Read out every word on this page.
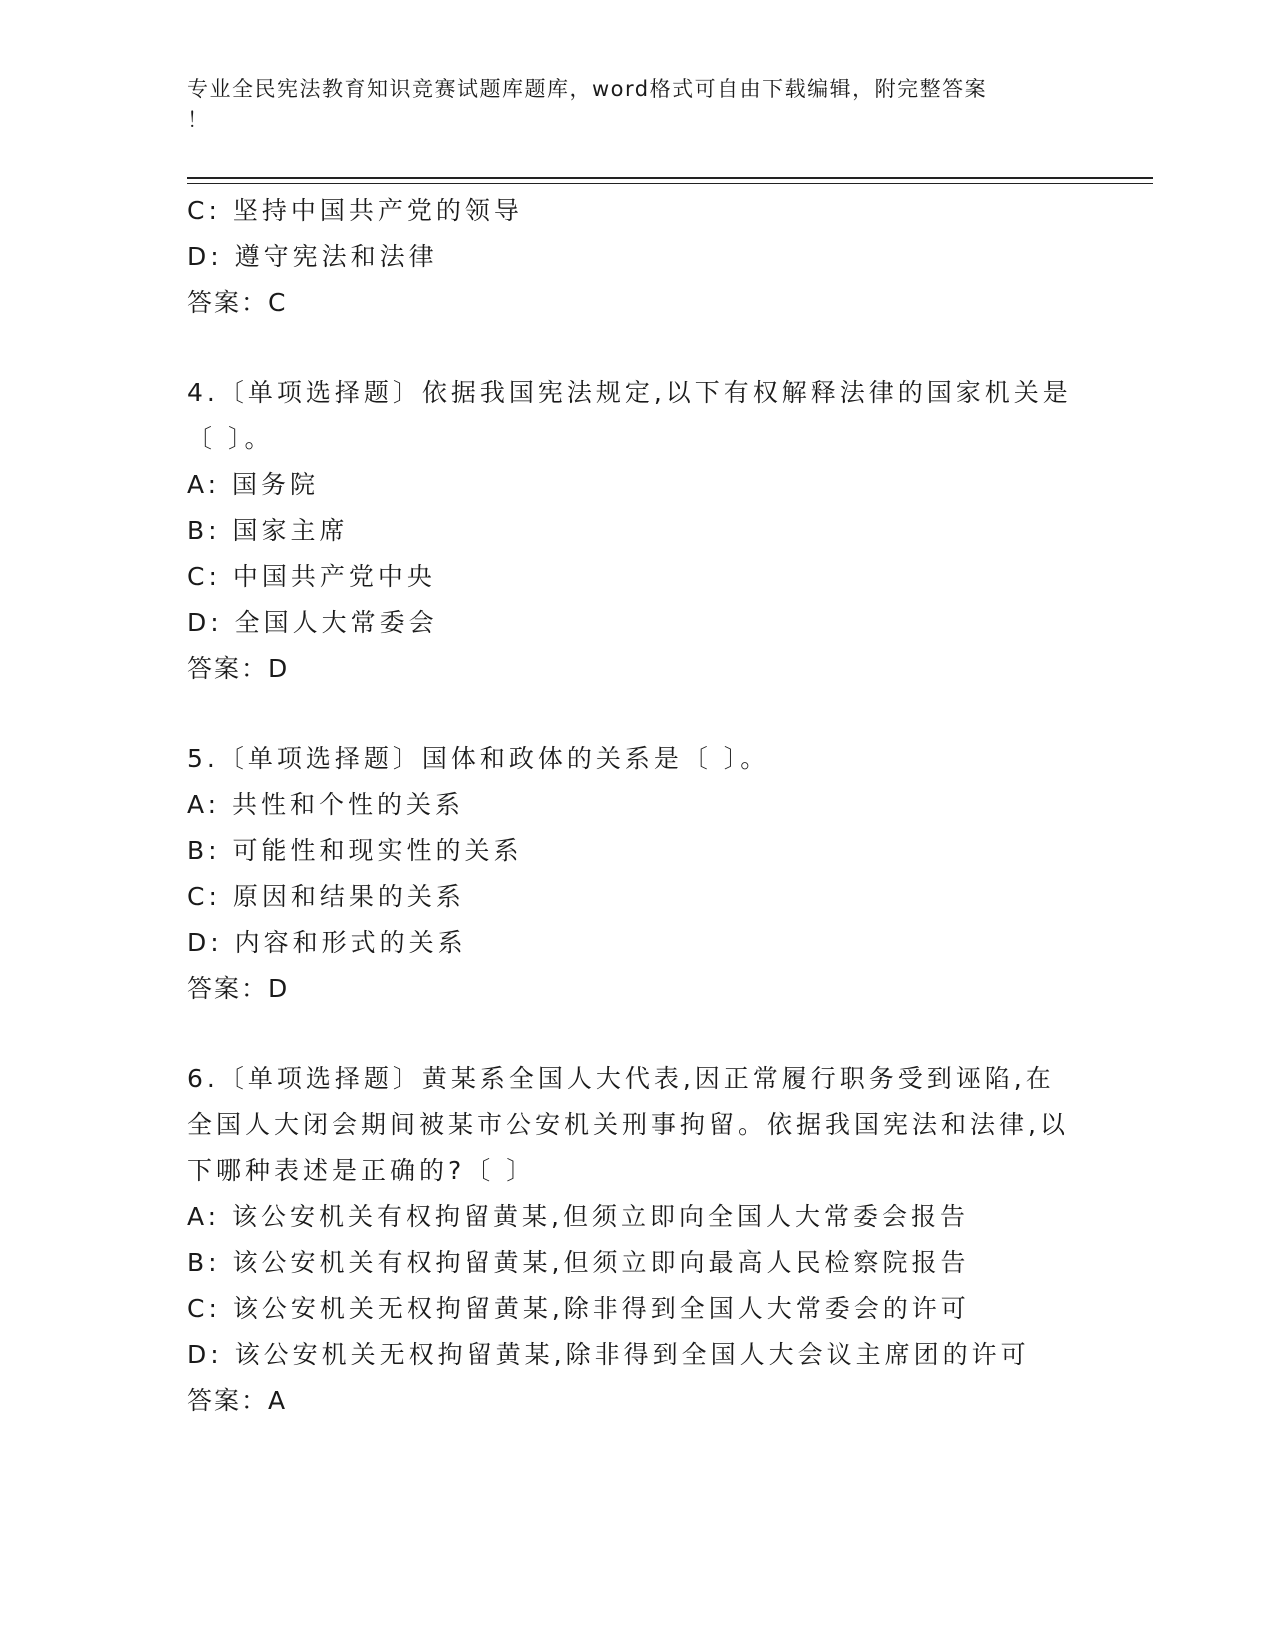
专业全民宪法教育知识竞赛试题库题库，word格式可自由下载编辑，附完整答案
！
C: 坚持中国共产党的领导
D: 遵守宪法和法律
答案：C
4.〔单项选择题〕依据我国宪法规定,以下有权解释法律的国家机关是
〔 〕。
A: 国务院
B: 国家主席
C: 中国共产党中央
D: 全国人大常委会
答案：D
5.〔单项选择题〕国体和政体的关系是〔 〕。
A: 共性和个性的关系
B: 可能性和现实性的关系
C: 原因和结果的关系
D: 内容和形式的关系
答案：D
6.〔单项选择题〕黄某系全国人大代表,因正常履行职务受到诬陷,在
全国人大闭会期间被某市公安机关刑事拘留。依据我国宪法和法律,以
下哪种表述是正确的?〔 〕
A: 该公安机关有权拘留黄某,但须立即向全国人大常委会报告
B: 该公安机关有权拘留黄某,但须立即向最高人民检察院报告
C: 该公安机关无权拘留黄某,除非得到全国人大常委会的许可
D: 该公安机关无权拘留黄某,除非得到全国人大会议主席团的许可
答案：A
